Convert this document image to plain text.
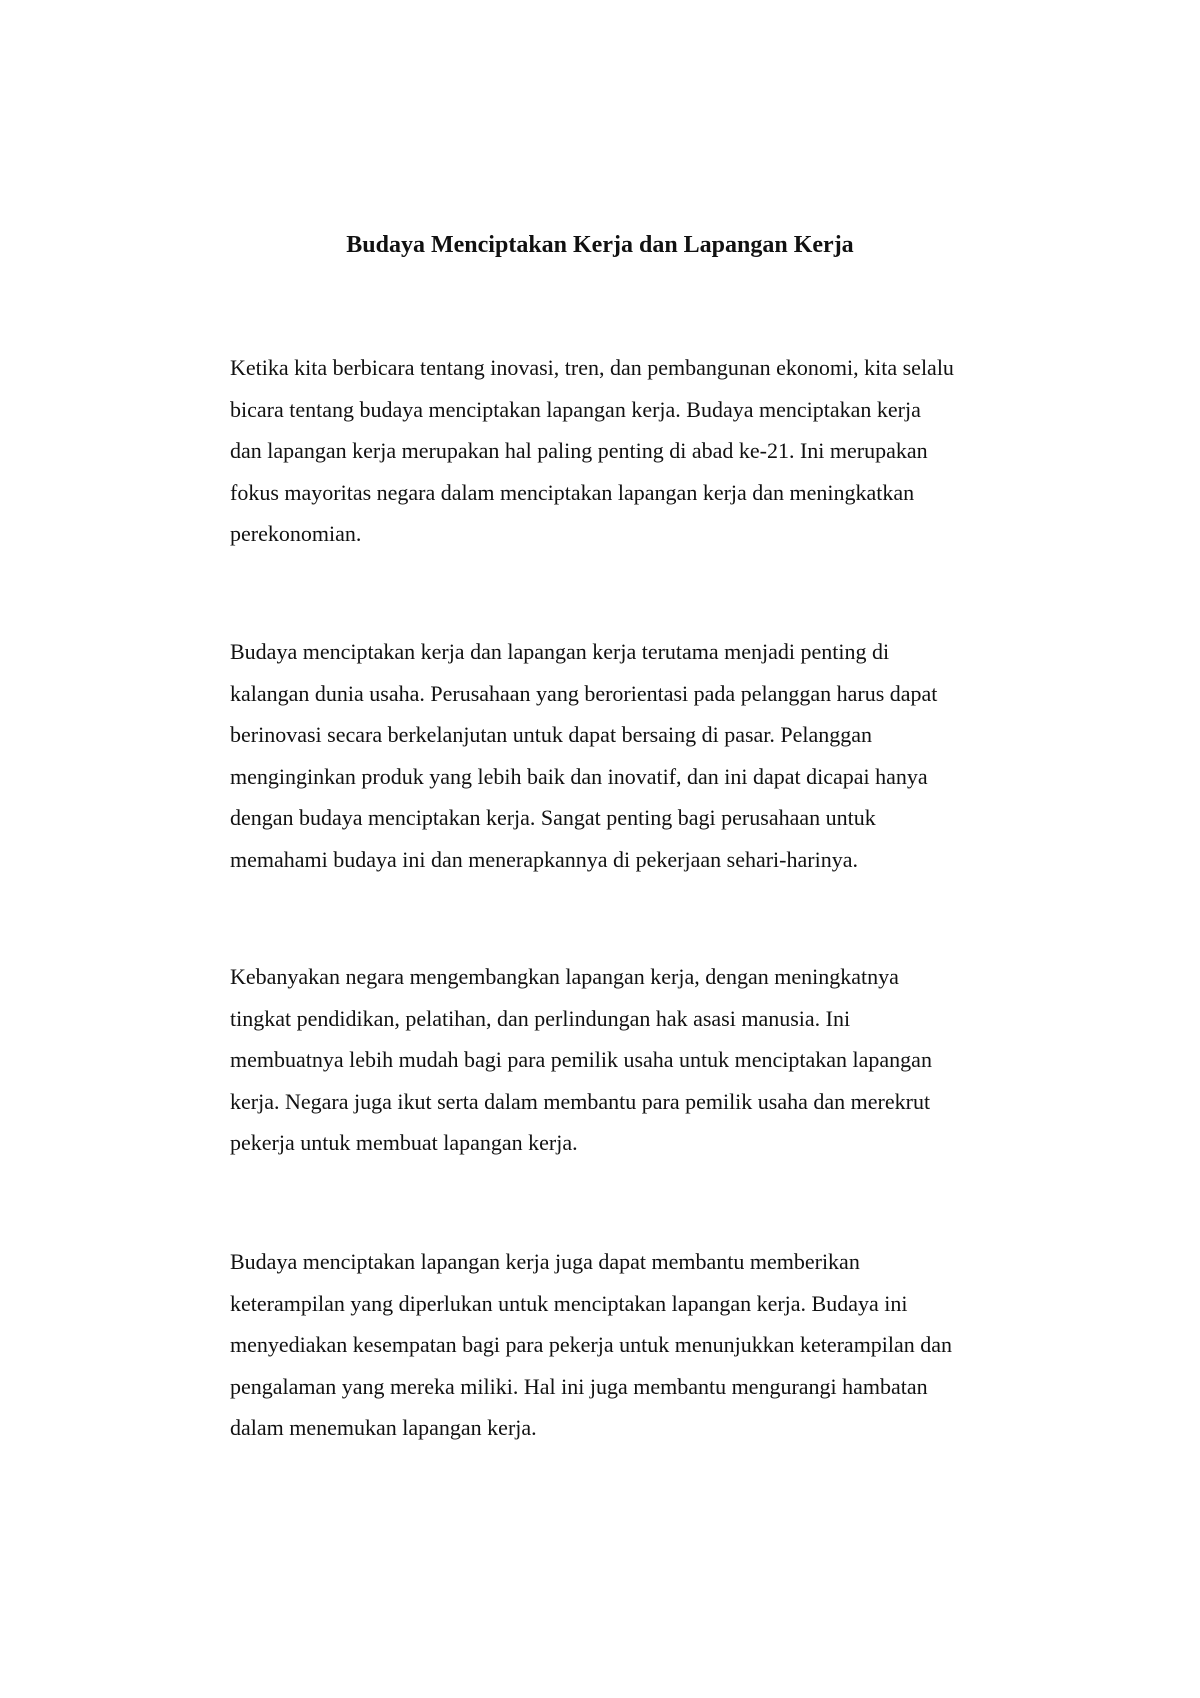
Budaya Menciptakan Kerja dan Lapangan Kerja

Ketika kita berbicara tentang inovasi, tren, dan pembangunan ekonomi, kita selalu
bicara tentang budaya menciptakan lapangan kerja. Budaya menciptakan kerja
dan lapangan kerja merupakan hal paling penting di abad ke-21. Ini merupakan
fokus mayoritas negara dalam menciptakan lapangan kerja dan meningkatkan
perekonomian.

Budaya menciptakan kerja dan lapangan kerja terutama menjadi penting di
kalangan dunia usaha. Perusahaan yang berorientasi pada pelanggan harus dapat
berinovasi secara berkelanjutan untuk dapat bersaing di pasar. Pelanggan
menginginkan produk yang lebih baik dan inovatif, dan ini dapat dicapai hanya
dengan budaya menciptakan kerja. Sangat penting bagi perusahaan untuk
memahami budaya ini dan menerapkannya di pekerjaan sehari-harinya.

Kebanyakan negara mengembangkan lapangan kerja, dengan meningkatnya
tingkat pendidikan, pelatihan, dan perlindungan hak asasi manusia. Ini
membuatnya lebih mudah bagi para pemilik usaha untuk menciptakan lapangan
kerja. Negara juga ikut serta dalam membantu para pemilik usaha dan merekrut
pekerja untuk membuat lapangan kerja.

Budaya menciptakan lapangan kerja juga dapat membantu memberikan
keterampilan yang diperlukan untuk menciptakan lapangan kerja. Budaya ini
menyediakan kesempatan bagi para pekerja untuk menunjukkan keterampilan dan
pengalaman yang mereka miliki. Hal ini juga membantu mengurangi hambatan
dalam menemukan lapangan kerja.
